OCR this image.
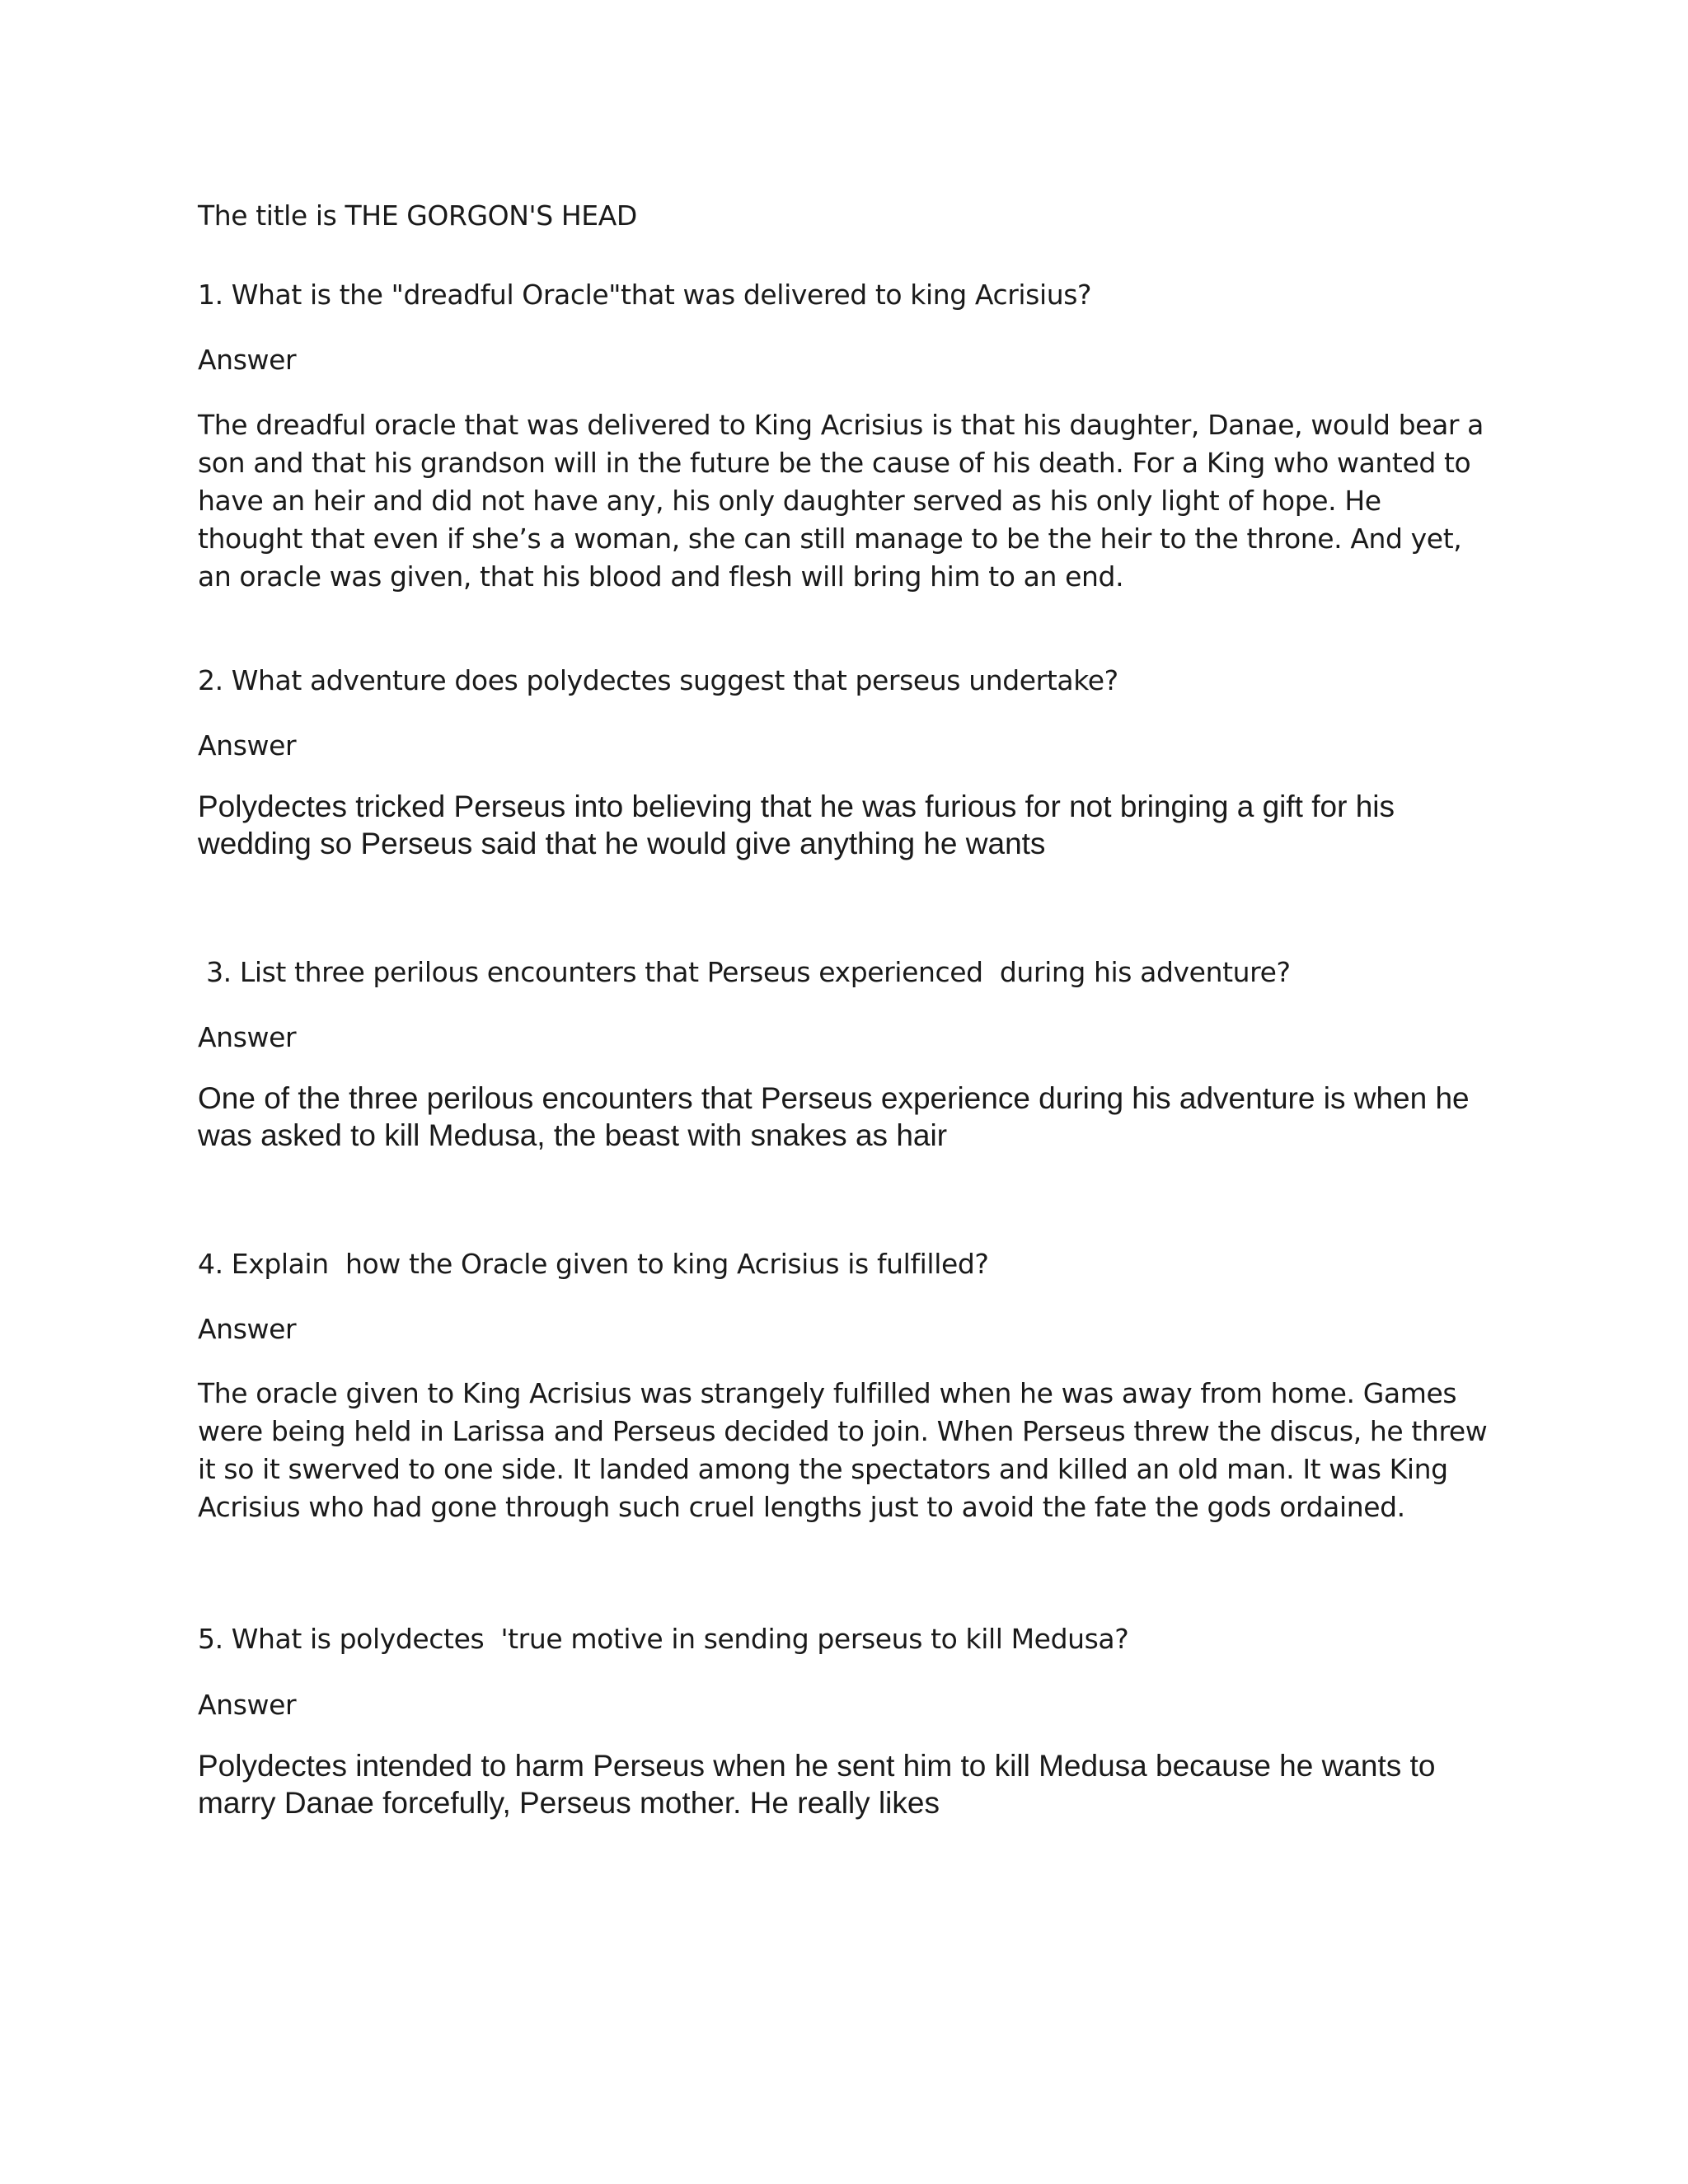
The title is THE GORGON'S HEAD

1. What is the "dreadful Oracle"that was delivered to king Acrisius?

Answer

The dreadful oracle that was delivered to King Acrisius is that his daughter, Danae, would bear a son and that his grandson will in the future be the cause of his death. For a King who wanted to have an heir and did not have any, his only daughter served as his only light of hope. He thought that even if she’s a woman, she can still manage to be the heir to the throne. And yet, an oracle was given, that his blood and flesh will bring him to an end.

2. What adventure does polydectes suggest that perseus undertake?

Answer

Polydectes tricked Perseus into believing that he was furious for not bringing a gift for his wedding so Perseus said that he would give anything he wants

3. List three perilous encounters that Perseus experienced  during his adventure?

Answer

One of the three perilous encounters that Perseus experience during his adventure is when he was asked to kill Medusa, the beast with snakes as hair

4. Explain  how the Oracle given to king Acrisius is fulfilled?

Answer

The oracle given to King Acrisius was strangely fulfilled when he was away from home. Games were being held in Larissa and Perseus decided to join. When Perseus threw the discus, he threw it so it swerved to one side. It landed among the spectators and killed an old man. It was King Acrisius who had gone through such cruel lengths just to avoid the fate the gods ordained.

5. What is polydectes  'true motive in sending perseus to kill Medusa?

Answer

Polydectes intended to harm Perseus when he sent him to kill Medusa because he wants to marry Danae forcefully, Perseus mother. He really likes
